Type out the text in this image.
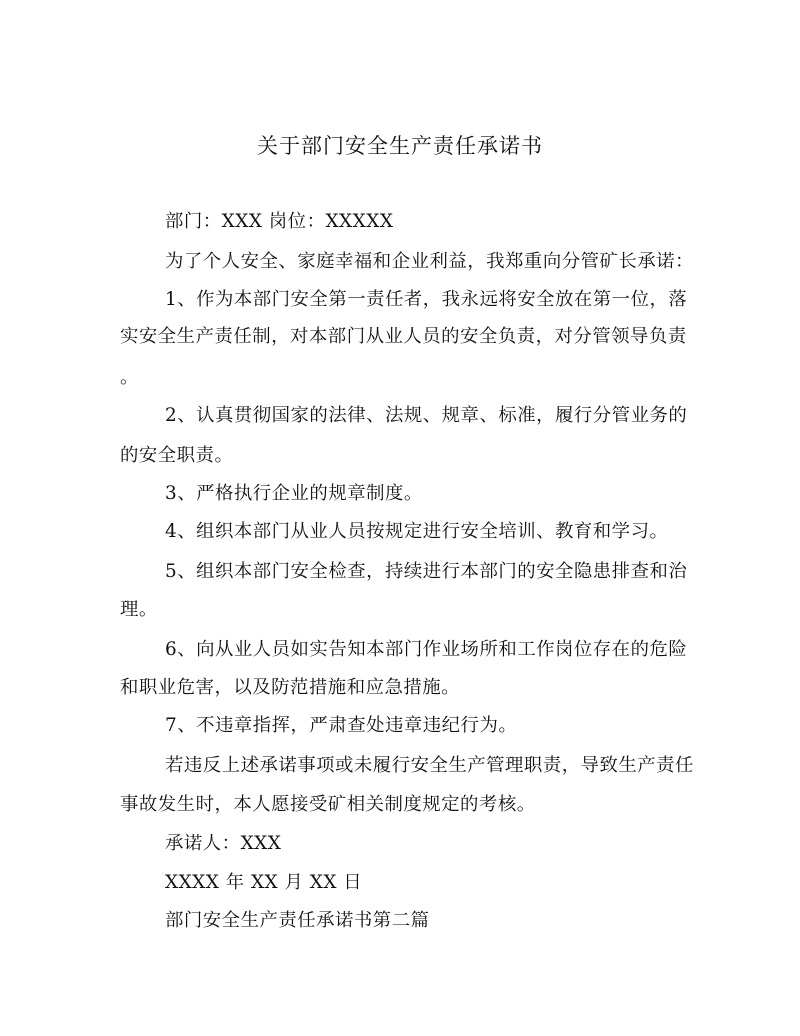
关于部门安全生产责任承诺书
部门：XXX 岗位：XXXXX
为了个人安全、家庭幸福和企业利益，我郑重向分管矿长承诺：
1、作为本部门安全第一责任者，我永远将安全放在第一位，落
实安全生产责任制，对本部门从业人员的安全负责，对分管领导负责
。
2、认真贯彻国家的法律、法规、规章、标准，履行分管业务的
的安全职责。
3、严格执行企业的规章制度。
4、组织本部门从业人员按规定进行安全培训、教育和学习。
5、组织本部门安全检查，持续进行本部门的安全隐患排查和治
理。
6、向从业人员如实告知本部门作业场所和工作岗位存在的危险
和职业危害，以及防范措施和应急措施。
7、不违章指挥，严肃查处违章违纪行为。
若违反上述承诺事项或未履行安全生产管理职责，导致生产责任
事故发生时，本人愿接受矿相关制度规定的考核。
承诺人：XXX
XXXX 年 XX 月 XX 日
部门安全生产责任承诺书第二篇
